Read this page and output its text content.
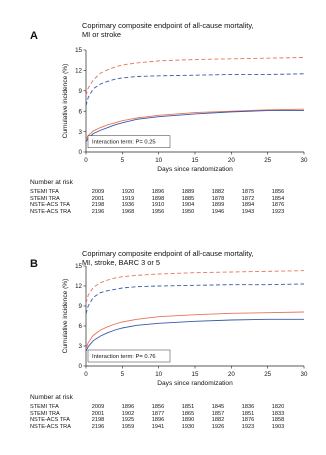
A
Coprimary composite endpoint of all-cause mortality,
MI or stroke
0
3
6
9
12
15
0	5	10	15	20	25	30
Days since randomization
Cumulative incidence (%)
Interaction term: P= 0.25
Number at risk
STEMI TFA	2009	1920	1896	1889	1882	1875	1856
STEMI TRA	2001	1919	1898	1885	1878	1872	1854
NSTE-ACS TFA	2198	1936	1910	1904	1899	1894	1876
NSTE-ACS TRA	2196	1968	1956	1950	1946	1943	1923
B
Coprimary composite endpoint of all-cause mortality,
MI, stroke, BARC 3 or 5
0
3
6
9
12
15
0	5	10	15	20	25	30
Days since randomization
Cumulative incidence (%)
Interaction term: P= 0.76
Number at risk
STEMI TFA	2009	1896	1856	1851	1845	1836	1820
STEMI TRA	2001	1902	1877	1865	1857	1851	1833
NSTE-ACS TFA	2198	1925	1896	1890	1882	1876	1858
NSTE-ACS TRA	2196	1959	1941	1930	1926	1923	1903
